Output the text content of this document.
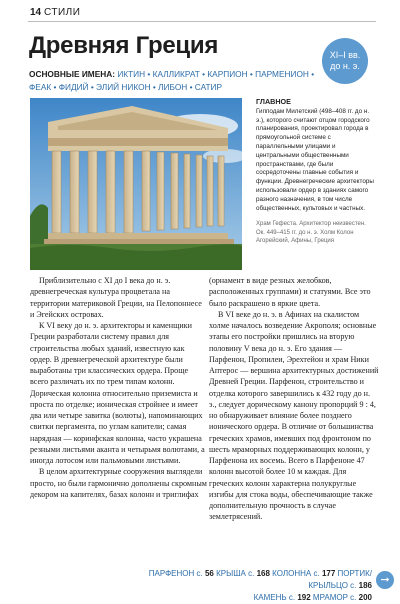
14 СТИЛИ
Древняя Греция	XI–I вв.
до н. э.
ОСНОВНЫЕ ИМЕНА: ИКТИН • КАЛЛИКРАТ • КАРПИОН • ПАРМЕНИОН • ФЕАК • ФИДИЙ • ЭЛИЙ НИКОН • ЛИБОН • САТИР
ГЛАВНОЕ
Гипподам Милетский (498–408 гг. до н. э.), которого считают отцом городского планирования, проектировал города в прямоугольной системе с параллельными улицами и центральными общественными пространствами, где были сосредоточены главные события и функции. Древнегреческие архитекторы использовали ордер в зданиях самого разного назначения, в том числе общественных, культовых и частных.
Храм Гефеста. Архитектор неизвестен. Ок. 449–415 гг. до н. э. Холм Колон Агорейский, Афины, Греция

Приблизительно с XI до I века до н. э. древнегреческая культура процветала на территории материковой Греции, на Пелопоннесе и Эгейских островах.

К VI веку до н. э. архитекторы и каменщики Греции разработали систему правил для строительства любых зданий, известную как ордер. В древнегреческой архитектуре были выработаны три классических ордера. Проще всего различать их по трем типам колонн. Дорическая колонна относительно приземиста и проста по отделке; ионическая стройнее и имеет два или четыре завитка (волюты), напоминающих свитки пергамента, по углам капители; самая нарядная — коринфская колонна, часто украшена резными листьями аканта и четырьмя волютами, а иногда лотосом или пальмовыми листьями.

В целом архитектурные сооружения выглядели просто, но были гармонично дополнены скромным декором на капителях, базах колонн и триглифах

(орнамент в виде резных желобков, расположенных группами) и статуями. Все это было раскрашено в яркие цвета.

В VI веке до н. э. в Афинах на скалистом холме началось возведение Акрополя; основные этапы его постройки пришлись на вторую половину V века до н. э. Его здания — Парфенон, Пропилеи, Эрехтейон и храм Ники Аптерос — вершина архитектурных достижений Древней Греции. Парфенон, строительство и отделка которого завершились к 432 году до н. э., следует дорическому канону пропорций 9 : 4, но обнаруживает влияние более позднего ионического ордера. В отличие от большинства греческих храмов, имевших под фронтоном по шесть мраморных поддерживающих колонн, у Парфенона их восемь. Всего в Парфеноне 47 колонн высотой более 10 м каждая. Для греческих колонн характерна полукруглые изгибы для стока воды, обеспечивающие также дополнительную прочность в случае землетрясений.

ПАРФЕНОН с. 56 КРЫША с. 168 КОЛОННА с. 177 ПОРТИК/КРЫЛЬЦО с. 186
КАМЕНЬ с. 192 МРАМОР с. 200
➞
